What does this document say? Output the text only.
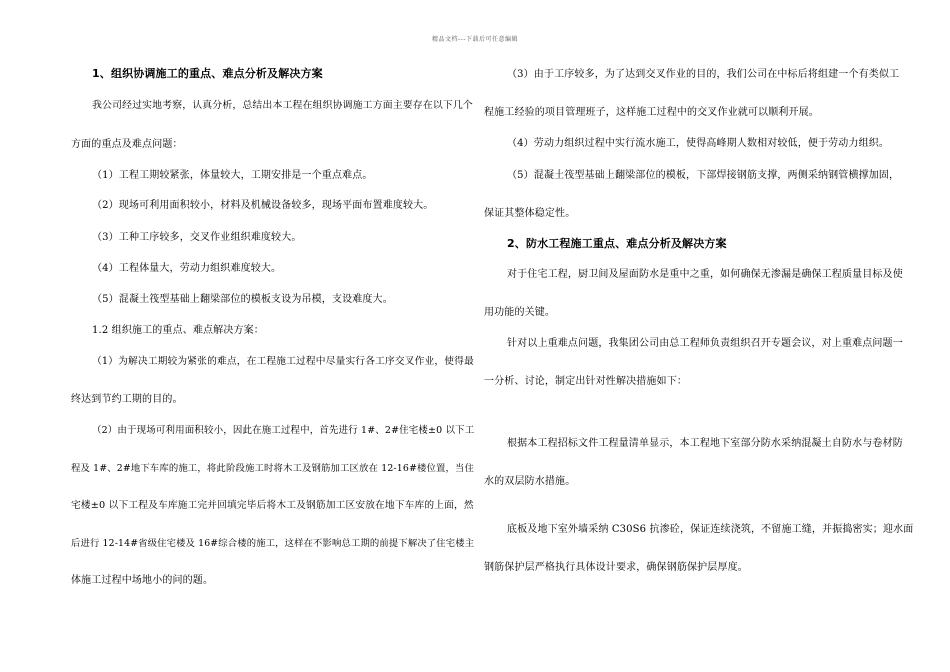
精品文档---下载后可任意编辑
1、组织协调施工的重点、难点分析及解决方案
我公司经过实地考察，认真分析，总结出本工程在组织协调施工方面主要存在以下几个
方面的重点及难点问题：
（1）工程工期较紧张，体量较大，工期安排是一个重点难点。
（2）现场可利用面积较小，材料及机械设备较多，现场平面布置难度较大。
（3）工种工序较多，交叉作业组织难度较大。
（4）工程体量大，劳动力组织难度较大。
（5）混凝土筏型基础上翻梁部位的模板支设为吊模，支设难度大。
1.2 组织施工的重点、难点解决方案：
（1）为解决工期较为紧张的难点，在工程施工过程中尽量实行各工序交叉作业，使得最
终达到节约工期的目的。
（2）由于现场可利用面积较小，因此在施工过程中，首先进行 1#、2#住宅楼±0 以下工
程及 1#、2#地下车库的施工，将此阶段施工时将木工及钢筋加工区放在 12-16#楼位置，当住
宅楼±0 以下工程及车库施工完并回填完毕后将木工及钢筋加工区安放在地下车库的上面，然
后进行 12-14#省级住宅楼及 16#综合楼的施工，这样在不影响总工期的前提下解决了住宅楼主
体施工过程中场地小的问的题。
（3）由于工序较多，为了达到交叉作业的目的，我们公司在中标后将组建一个有类似工
程施工经验的项目管理班子，这样施工过程中的交叉作业就可以顺利开展。
（4）劳动力组织过程中实行流水施工，使得高峰期人数相对较低，便于劳动力组织。
（5）混凝土筏型基础上翻梁部位的模板，下部焊接钢筋支撑，两侧采纳钢管横撑加固，
保证其整体稳定性。
2、防水工程施工重点、难点分析及解决方案
对于住宅工程，厨卫间及屋面防水是重中之重，如何确保无渗漏是确保工程质量目标及使
用功能的关键。
针对以上重难点问题，我集团公司由总工程师负责组织召开专题会议，对上重难点问题一
一分析、讨论，制定出针对性解决措施如下：
根据本工程招标文件工程量清单显示，本工程地下室部分防水采纳混凝土自防水与卷材防
水的双层防水措施。
底板及地下室外墙采纳 C30S6 抗渗砼，保证连续浇筑，不留施工缝，并振捣密实；迎水面
钢筋保护层严格执行具体设计要求，确保钢筋保护层厚度。
